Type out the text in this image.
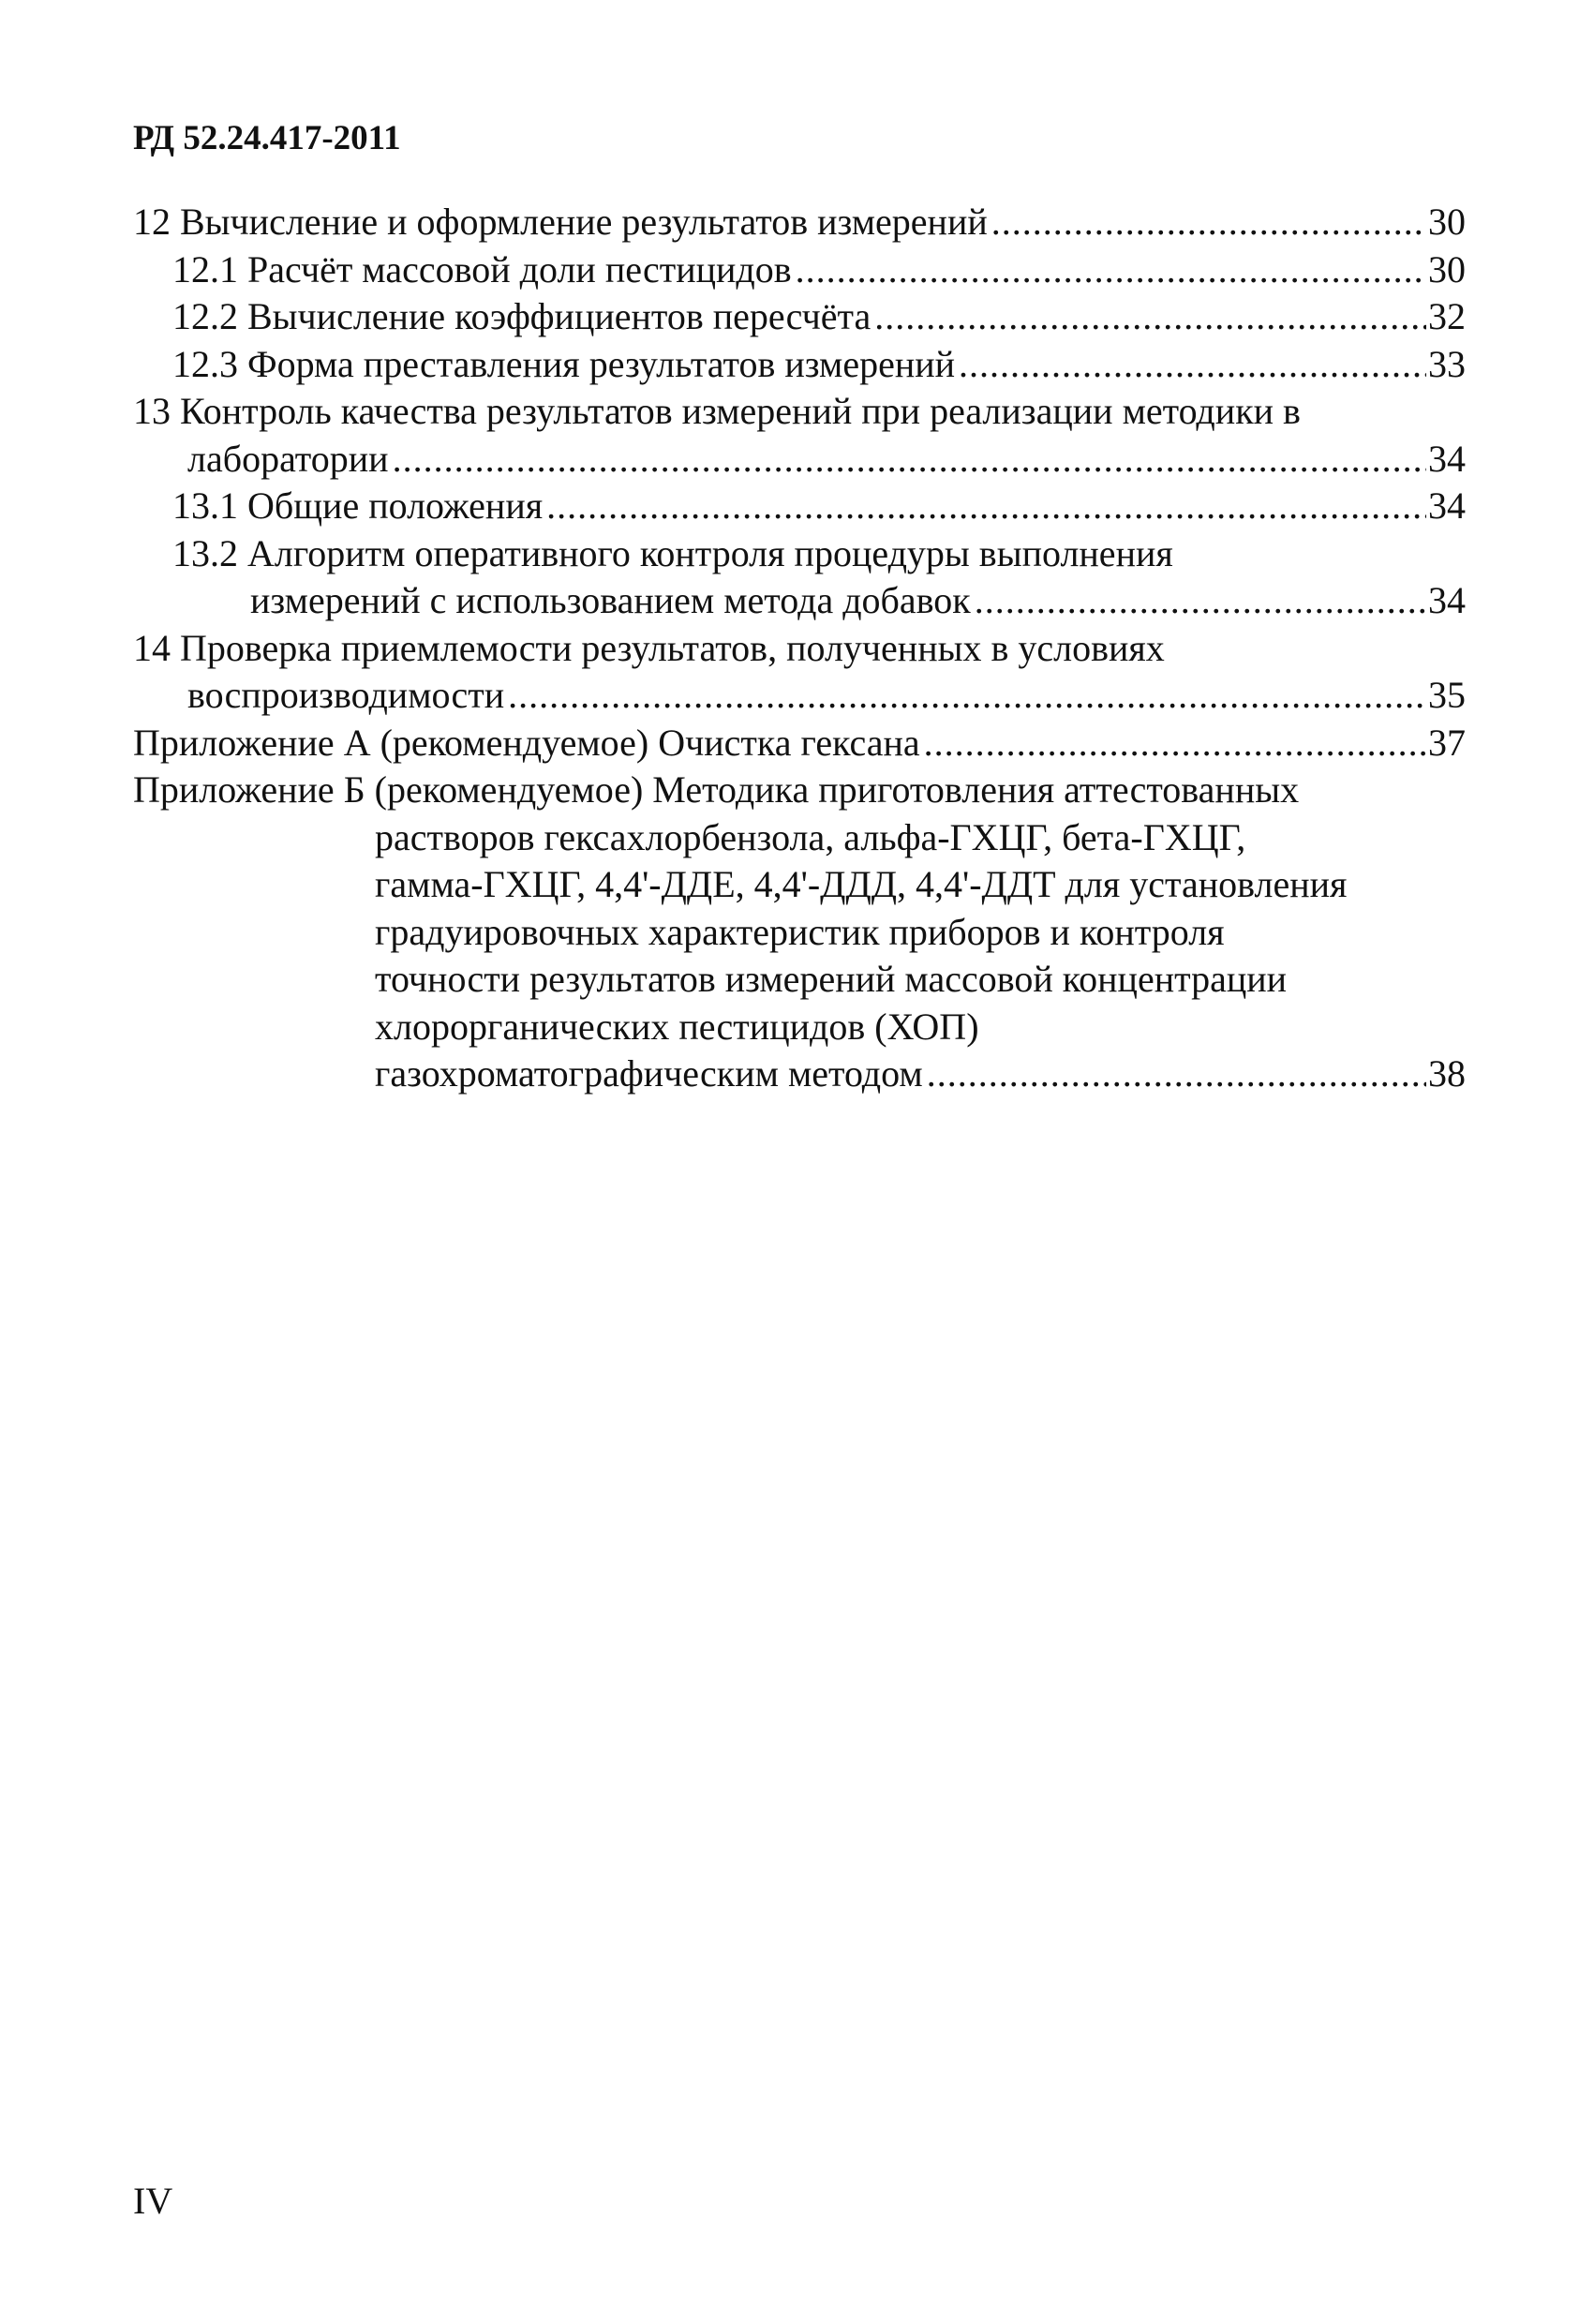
РД 52.24.417-2011
12 Вычисление и оформление результатов измерений .....	30
12.1 Расчёт массовой доли пестицидов .....	30
12.2 Вычисление коэффициентов пересчёта .....	32
12.3 Форма преставления результатов измерений .....	33
13 Контроль качества результатов измерений при реализации методики в
лаборатории .....	34
13.1 Общие положения .....	34
13.2 Алгоритм оперативного контроля процедуры выполнения
измерений с использованием метода добавок .....	34
14 Проверка приемлемости результатов, полученных в условиях
воспроизводимости .....	35
Приложение А (рекомендуемое) Очистка гексана .....	37
Приложение Б (рекомендуемое) Методика приготовления аттестованных
растворов гексахлорбензола, альфа-ГХЦГ, бета-ГХЦГ,
гамма-ГХЦГ, 4,4'-ДДЕ, 4,4'-ДДД, 4,4'-ДДТ для установления
градуировочных характеристик приборов и контроля
точности результатов измерений массовой концентрации
хлорорганических пестицидов (ХОП)
газохроматографическим методом .....	38
IV
